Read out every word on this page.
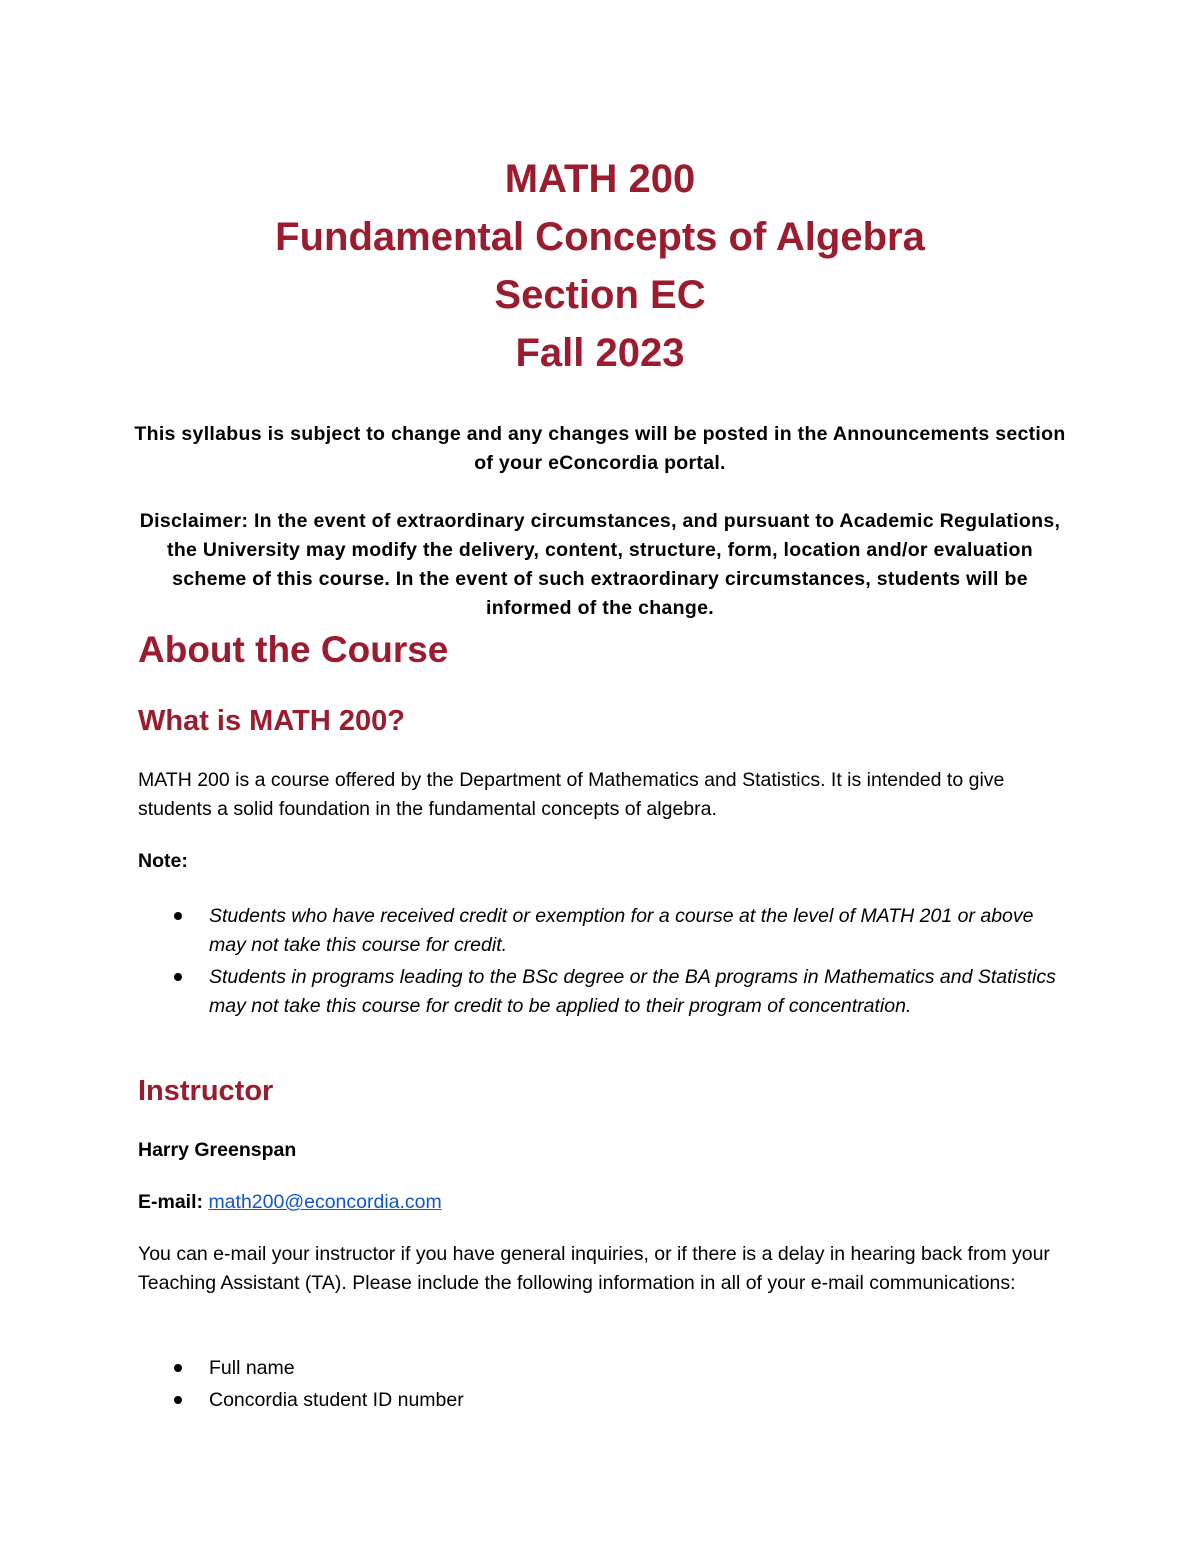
MATH 200
Fundamental Concepts of Algebra
Section EC
Fall 2023

This syllabus is subject to change and any changes will be posted in the Announcements section of your eConcordia portal.

Disclaimer: In the event of extraordinary circumstances, and pursuant to Academic Regulations, the University may modify the delivery, content, structure, form, location and/or evaluation scheme of this course. In the event of such extraordinary circumstances, students will be informed of the change.

About the Course
What is MATH 200?

MATH 200 is a course offered by the Department of Mathematics and Statistics. It is intended to give students a solid foundation in the fundamental concepts of algebra.

Note:

Students who have received credit or exemption for a course at the level of MATH 201 or above may not take this course for credit.
Students in programs leading to the BSc degree or the BA programs in Mathematics and Statistics may not take this course for credit to be applied to their program of concentration.
Instructor

Harry Greenspan

E-mail: math200@econcordia.com

You can e-mail your instructor if you have general inquiries, or if there is a delay in hearing back from your Teaching Assistant (TA). Please include the following information in all of your e-mail communications:

Full name
Concordia student ID number
